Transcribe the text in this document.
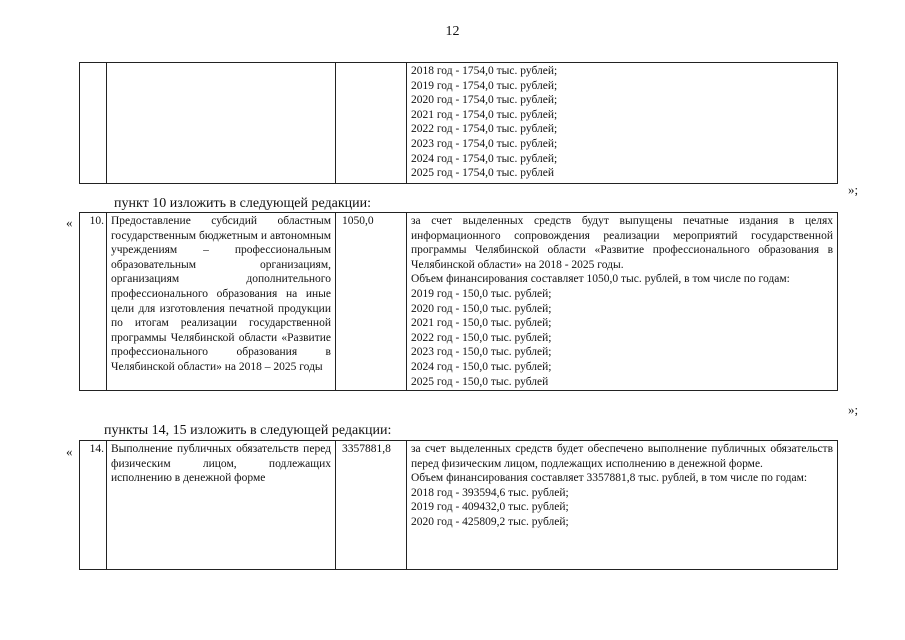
12

2018 год - 1754,0 тыс. рублей;
2019 год - 1754,0 тыс. рублей;
2020 год - 1754,0 тыс. рублей;
2021 год - 1754,0 тыс. рублей;
2022 год - 1754,0 тыс. рублей;
2023 год - 1754,0 тыс. рублей;
2024 год - 1754,0 тыс. рублей;
2025 год - 1754,0 тыс. рублей
»;
пункт 10 изложить в следующей редакции:
« 10.	Предоставление субсидий областным государственным бюджетным и автономным учреждениям – профессиональным образовательным организациям, организациям дополнительного профессионального образования на иные цели для изготовления печатной продукции по итогам реализации государственной программы Челябинской области «Развитие профессионального образования в Челябинской области» на 2018 – 2025 годы	1050,0	за счет выделенных средств будут выпущены печатные издания в целях информационного сопровождения реализации мероприятий государственной программы Челябинской области «Развитие профессионального образования в Челябинской области» на 2018 - 2025 годы.
Объем финансирования составляет 1050,0 тыс. рублей, в том числе по годам:
2019 год - 150,0 тыс. рублей;
2020 год - 150,0 тыс. рублей;
2021 год - 150,0 тыс. рублей;
2022 год - 150,0 тыс. рублей;
2023 год - 150,0 тыс. рублей;
2024 год - 150,0 тыс. рублей;
2025 год - 150,0 тыс. рублей
»;
пункты 14, 15 изложить в следующей редакции:
« 14.	Выполнение публичных обязательств перед физическим лицом, подлежащих исполнению в денежной форме	3357881,8	за счет выделенных средств будет обеспечено выполнение публичных обязательств перед физическим лицом, подлежащих исполнению в денежной форме.
Объем финансирования составляет 3357881,8 тыс. рублей, в том числе по годам:
2018 год - 393594,6 тыс. рублей;
2019 год - 409432,0 тыс. рублей;
2020 год - 425809,2 тыс. рублей;
